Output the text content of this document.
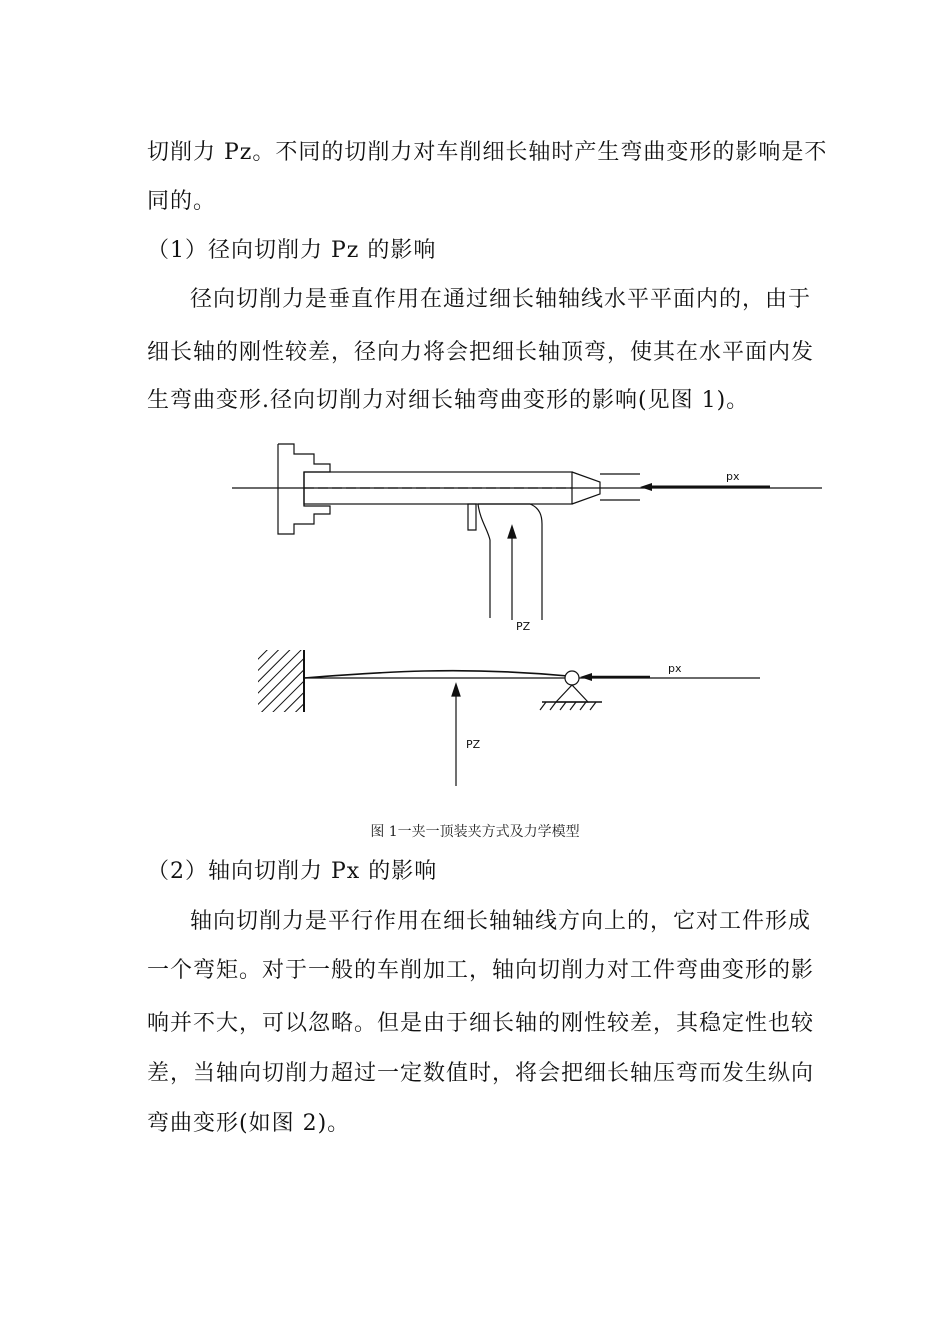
切削力 Pz。不同的切削力对车削细长轴时产生弯曲变形的影响是不
同的。
（1）径向切削力 Pz 的影响
径向切削力是垂直作用在通过细长轴轴线水平平面内的，由于
细长轴的刚性较差，径向力将会把细长轴顶弯，使其在水平面内发
生弯曲变形.径向切削力对细长轴弯曲变形的影响(见图 1)。
px
PZ
px
PZ
图 1一夹一顶装夹方式及力学模型
（2）轴向切削力 Px 的影响
轴向切削力是平行作用在细长轴轴线方向上的，它对工件形成
一个弯矩。对于一般的车削加工，轴向切削力对工件弯曲变形的影
响并不大，可以忽略。但是由于细长轴的刚性较差，其稳定性也较
差，当轴向切削力超过一定数值时，将会把细长轴压弯而发生纵向
弯曲变形(如图 2)。
